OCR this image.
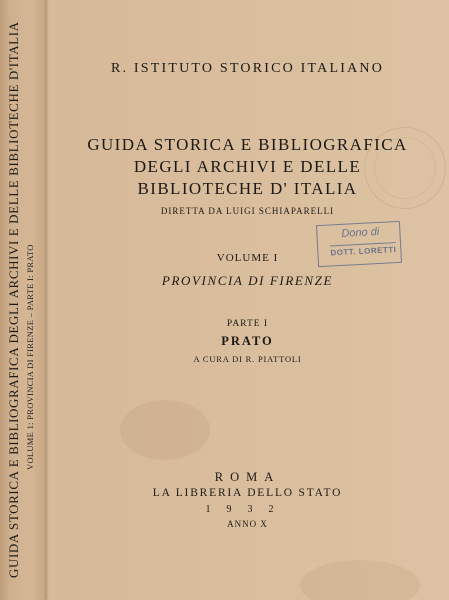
GUIDA STORICA E BIBLIOGRAFICA DEGLI ARCHIVI E DELLE BIBLIOTECHE D'ITALIA VOLUME 1: PROVINCIA DI FIRENZE – PARTE I: PRATO
R. ISTITUTO STORICO ITALIANO
GUIDA STORICA E BIBLIOGRAFICA
DEGLI ARCHIVI E DELLE
BIBLIOTECHE D' ITALIA
DIRETTA DA LUIGI SCHIAPARELLI
Dono di
DOTT. LORETTI
VOLUME I
PROVINCIA DI FIRENZE
PARTE I
PRATO
A CURA DI R. PIATTOLI
ROMA
LA LIBRERIA DELLO STATO
1932
ANNO X
